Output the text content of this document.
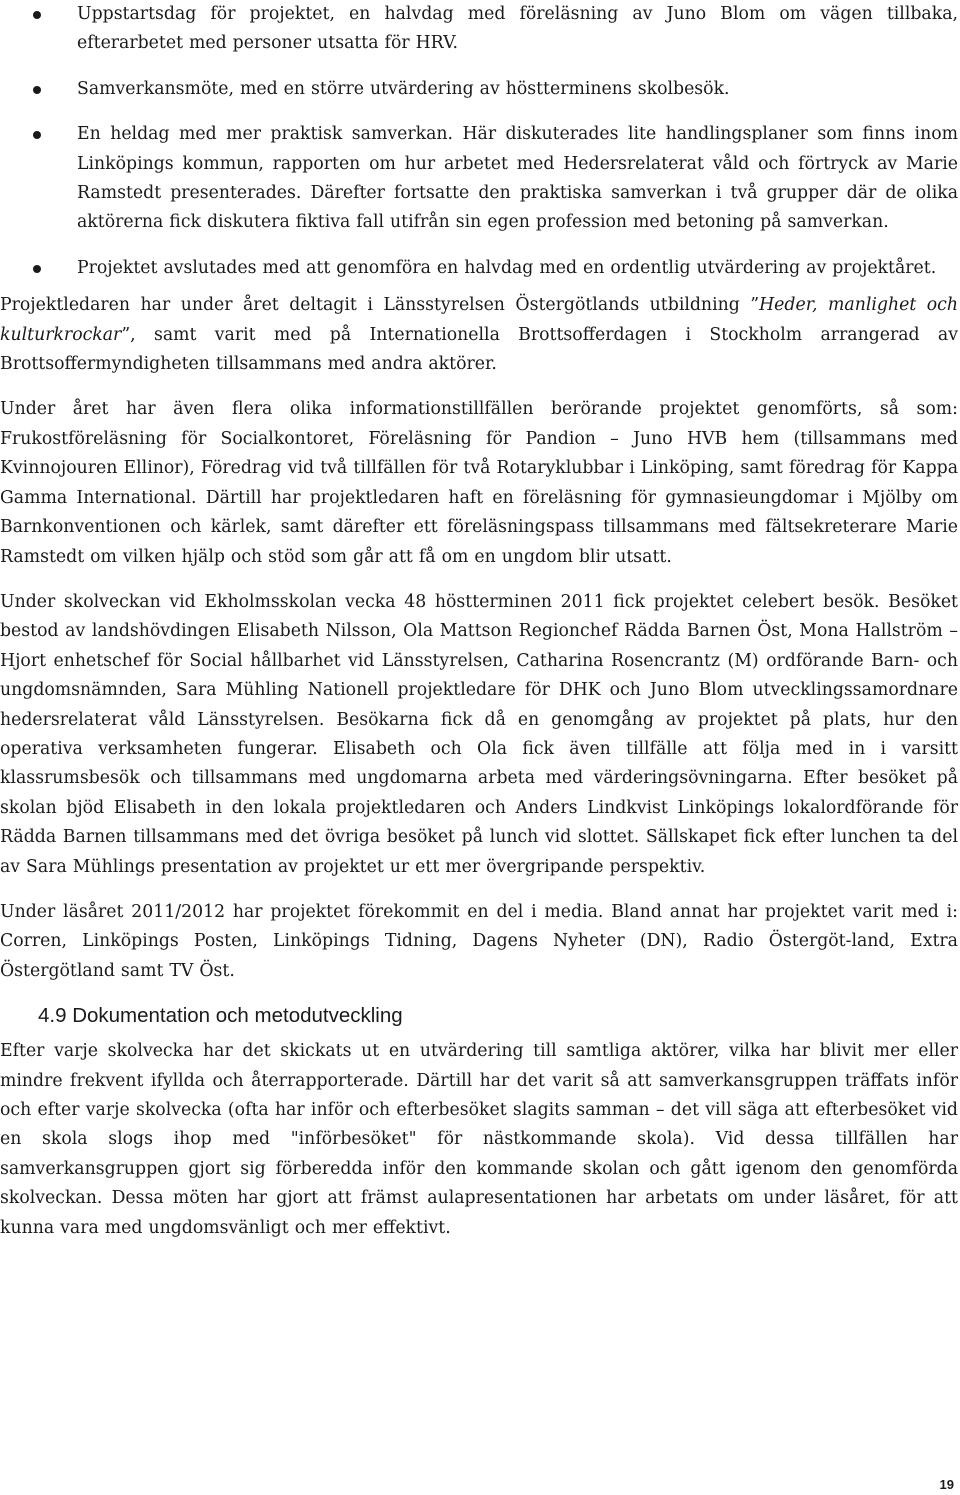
Uppstartsdag för projektet, en halvdag med föreläsning av Juno Blom om vägen tillbaka, efterarbetet med personer utsatta för HRV.
Samverkansmöte, med en större utvärdering av höstterminens skolbesök.
En heldag med mer praktisk samverkan. Här diskuterades lite handlingsplaner som finns inom Linköpings kommun, rapporten om hur arbetet med Hedersrelaterat våld och förtryck av Marie Ramstedt presenterades. Därefter fortsatte den praktiska samverkan i två grupper där de olika aktörerna fick diskutera fiktiva fall utifrån sin egen profession med betoning på samverkan.
Projektet avslutades med att genomföra en halvdag med en ordentlig utvärdering av projektåret.

Projektledaren har under året deltagit i Länsstyrelsen Östergötlands utbildning ”Heder, manlighet och kulturkrockar”, samt varit med på Internationella Brottsofferdagen i Stockholm arrangerad av Brottsoffermyndigheten tillsammans med andra aktörer.

Under året har även flera olika informationstillfällen berörande projektet genomförts, så som: Frukostföreläsning för Socialkontoret, Föreläsning för Pandion – Juno HVB hem (tillsammans med Kvinnojouren Ellinor), Föredrag vid två tillfällen för två Rotaryklubbar i Linköping, samt föredrag för Kappa Gamma International. Därtill har projektledaren haft en föreläsning för gymnasieungdomar i Mjölby om Barnkonventionen och kärlek, samt därefter ett föreläsningspass tillsammans med fältsekreterare Marie Ramstedt om vilken hjälp och stöd som går att få om en ungdom blir utsatt.

Under skolveckan vid Ekholmsskolan vecka 48 höstterminen 2011 fick projektet celebert besök. Besöket bestod av landshövdingen Elisabeth Nilsson, Ola Mattson Regionchef Rädda Barnen Öst, Mona Hallström – Hjort enhetschef för Social hållbarhet vid Länsstyrelsen, Catharina Rosencrantz (M) ordförande Barn- och ungdomsnämnden, Sara Mühling Nationell projektledare för DHK och Juno Blom utvecklingssamordnare hedersrelaterat våld Länsstyrelsen. Besökarna fick då en genomgång av projektet på plats, hur den operativa verksamheten fungerar. Elisabeth och Ola fick även tillfälle att följa med in i varsitt klassrumsbesök och tillsammans med ungdomarna arbeta med värderingsövningarna. Efter besöket på skolan bjöd Elisabeth in den lokala projektledaren och Anders Lindkvist Linköpings lokalordförande för Rädda Barnen tillsammans med det övriga besöket på lunch vid slottet. Sällskapet fick efter lunchen ta del av Sara Mühlings presentation av projektet ur ett mer övergripande perspektiv.

Under läsåret 2011/2012 har projektet förekommit en del i media. Bland annat har projektet varit med i: Corren, Linköpings Posten, Linköpings Tidning, Dagens Nyheter (DN), Radio Östergöt-land, Extra Östergötland samt TV Öst.

4.9 Dokumentation och metodutveckling

Efter varje skolvecka har det skickats ut en utvärdering till samtliga aktörer, vilka har blivit mer eller mindre frekvent ifyllda och återrapporterade. Därtill har det varit så att samverkansgruppen träffats inför och efter varje skolvecka (ofta har inför och efterbesöket slagits samman – det vill säga att efterbesöket vid en skola slogs ihop med "införbesöket" för nästkommande skola). Vid dessa tillfällen har samverkansgruppen gjort sig förberedda inför den kommande skolan och gått igenom den genomförda skolveckan. Dessa möten har gjort att främst aulapresentationen har arbetats om under läsåret, för att kunna vara med ungdomsvänligt och mer effektivt.

19
